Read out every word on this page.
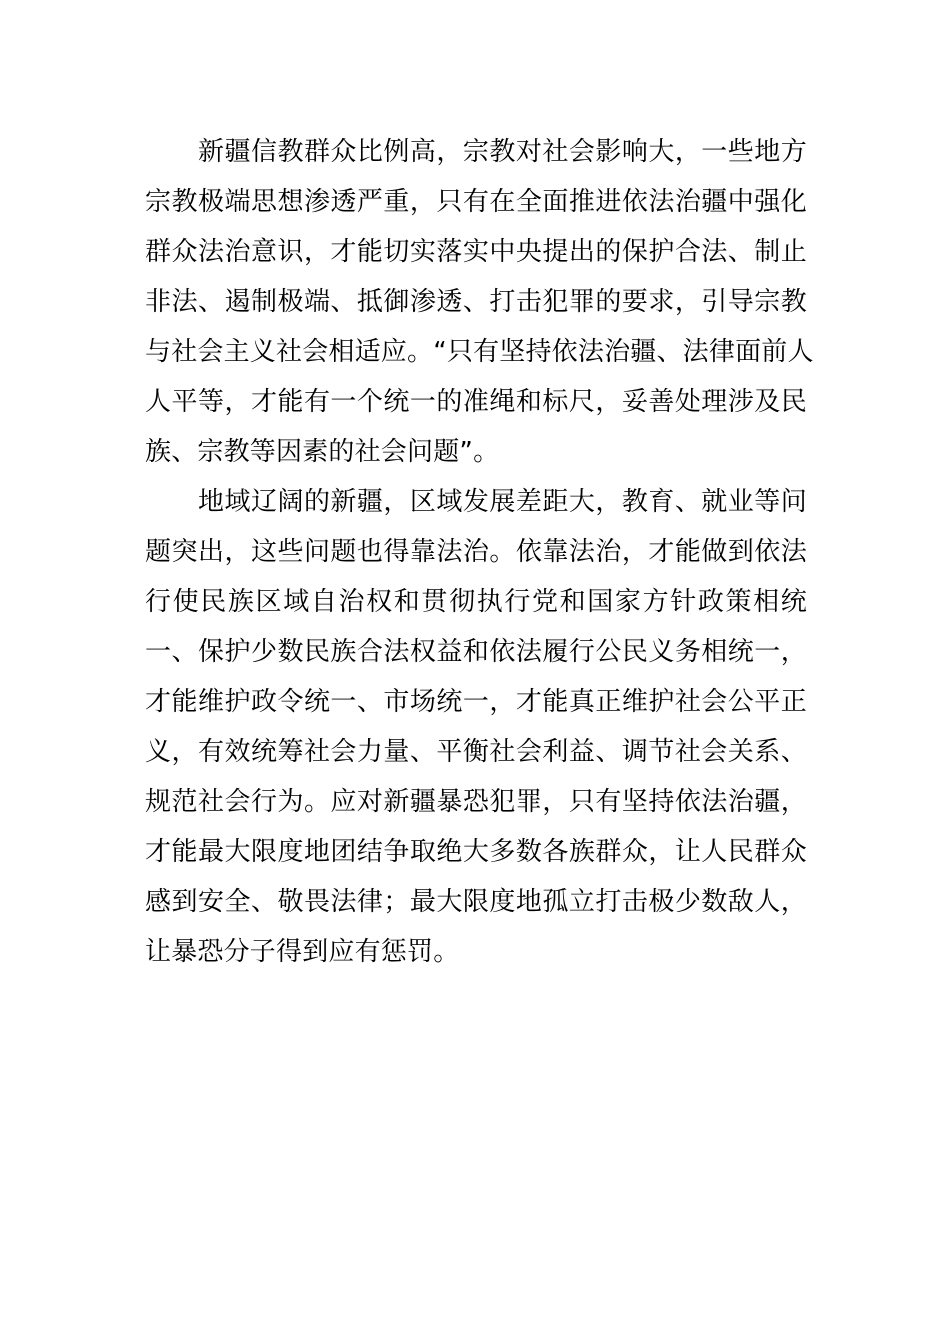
　　新疆信教群众比例高，宗教对社会影响大，一些地方
宗教极端思想渗透严重，只有在全面推进依法治疆中强化
群众法治意识，才能切实落实中央提出的保护合法、制止
非法、遏制极端、抵御渗透、打击犯罪的要求，引导宗教
与社会主义社会相适应。“只有坚持依法治疆、法律面前人
人平等，才能有一个统一的准绳和标尺，妥善处理涉及民
族、宗教等因素的社会问题”。

　　地域辽阔的新疆，区域发展差距大，教育、就业等问
题突出，这些问题也得靠法治。依靠法治，才能做到依法
行使民族区域自治权和贯彻执行党和国家方针政策相统
一、保护少数民族合法权益和依法履行公民义务相统一，
才能维护政令统一、市场统一，才能真正维护社会公平正
义，有效统筹社会力量、平衡社会利益、调节社会关系、
规范社会行为。应对新疆暴恐犯罪，只有坚持依法治疆，
才能最大限度地团结争取绝大多数各族群众，让人民群众
感到安全、敬畏法律；最大限度地孤立打击极少数敌人，
让暴恐分子得到应有惩罚。
